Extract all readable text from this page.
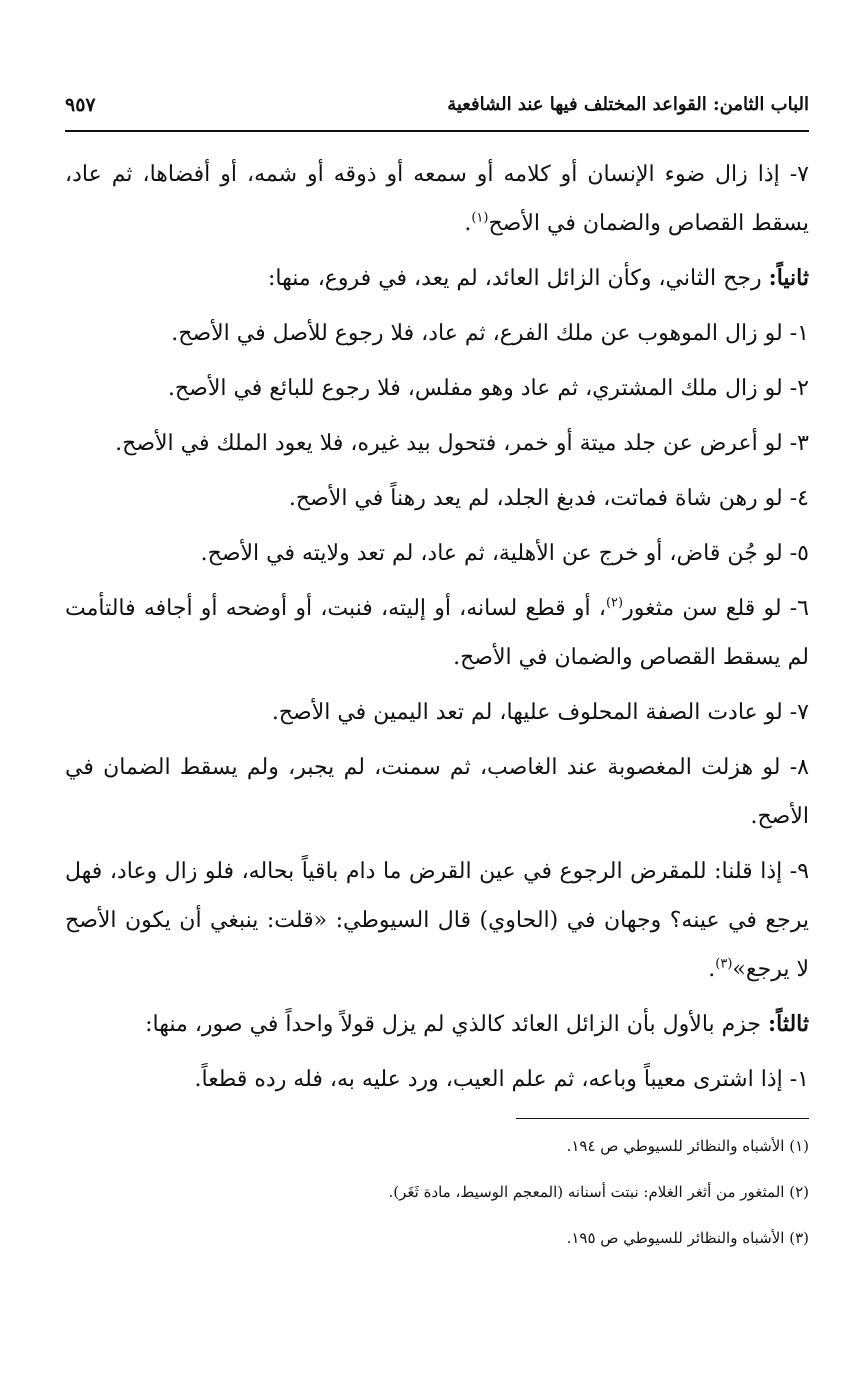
الباب الثامن: القواعد المختلف فيها عند الشافعية
٩٥٧

٧- إذا زال ضوء الإنسان أو كلامه أو سمعه أو ذوقه أو شمه، أو أفضاها، ثم عاد، يسقط القصاص والضمان في الأصح$^{(١)}$.

ثانياً: رجح الثاني، وكأن الزائل العائد، لم يعد، في فروع، منها:

١- لو زال الموهوب عن ملك الفرع، ثم عاد، فلا رجوع للأصل في الأصح.

٢- لو زال ملك المشتري، ثم عاد وهو مفلس، فلا رجوع للبائع في الأصح.

٣- لو أعرض عن جلد ميتة أو خمر، فتحول بيد غيره، فلا يعود الملك في الأصح.

٤- لو رهن شاة فماتت، فدبغ الجلد، لم يعد رهناً في الأصح.

٥- لو جُن قاض، أو خرج عن الأهلية، ثم عاد، لم تعد ولايته في الأصح.

٦- لو قلع سن مثغور$^{(٢)}$، أو قطع لسانه، أو إليته، فنبت، أو أوضحه أو أجافه فالتأمت لم يسقط القصاص والضمان في الأصح.

٧- لو عادت الصفة المحلوف عليها، لم تعد اليمين في الأصح.

٨- لو هزلت المغصوبة عند الغاصب، ثم سمنت، لم يجبر، ولم يسقط الضمان في الأصح.

٩- إذا قلنا: للمقرض الرجوع في عين القرض ما دام باقياً بحاله، فلو زال وعاد، فهل يرجع في عينه؟ وجهان في (الحاوي) قال السيوطي: «قلت: ينبغي أن يكون الأصح لا يرجع»$^{(٣)}$.

ثالثاً: جزم بالأول بأن الزائل العائد كالذي لم يزل قولاً واحداً في صور، منها:

١- إذا اشترى معيباً وباعه، ثم علم العيب، ورد عليه به، فله رده قطعاً.

(١) الأشباه والنظائر للسيوطي ص ١٩٤.

(٢) المثغور من أثغر الغلام: نبتت أسنانه (المعجم الوسيط، مادة ثَغَر).

(٣) الأشباه والنظائر للسيوطي ص ١٩٥.
